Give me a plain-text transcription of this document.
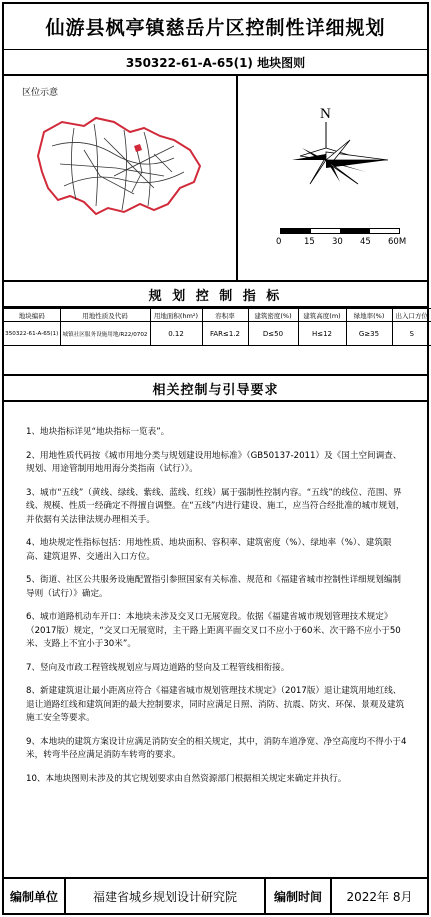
仙游县枫亭镇慈岳片区控制性详细规划
350322-61-A-65(1) 地块图则
区位示意
N
0	15	30	45	60M
规 划 控 制 指 标
地块编码	用地性质及代码	用地面积(hm²)	容积率	建筑密度(%)	建筑高度(m)	绿地率(%)	出入口方位
350322-61-A-65(1)	城镇社区服务设施用地/R22/0702	0.12	FAR≤1.2	D≤50	H≤12	G≥35	S
相关控制与引导要求

1、地块指标详见“地块指标一览表”。

2、用地性质代码按《城市用地分类与规划建设用地标准》（GB50137-2011）及《国土空间调查、规划、用途管制用地用海分类指南（试行）》。

3、城市“五线”（黄线、绿线、紫线、蓝线、红线）属于强制性控制内容。“五线”的线位、范围、界线、规模、性质一经确定不得擅自调整。在“五线”内进行建设、施工，应当符合经批准的城市规划，并依据有关法律法规办理相关手。

4、地块规定性指标包括：用地性质、地块面积、容积率、建筑密度（%）、绿地率（%）、建筑限高、建筑退界、交通出入口方位。

5、街道、社区公共服务设施配置指引参照国家有关标准、规范和《福建省城市控制性详细规划编制导则（试行）》确定。

6、城市道路机动车开口：本地块未涉及交叉口无展宽段。依据《福建省城市规划管理技术规定》（2017版）规定，“交叉口无展宽时，主干路上距离平面交叉口不应小于60米、次干路不应小于50米、支路上不宜小于30米”。

7、竖向及市政工程管线规划应与周边道路的竖向及工程管线相衔接。

8、新建建筑退让最小距离应符合《福建省城市规划管理技术规定》（2017版）退让建筑用地红线、退让道路红线和建筑间距的最大控制要求，同时应满足日照、消防、抗震、防灾、环保、景观及建筑施工安全等要求。

9、本地块的建筑方案设计应满足消防安全的相关规定，其中，消防车道净宽、净空高度均不得小于4米，转弯半径应满足消防车转弯的要求。

10、本地块图则未涉及的其它规划要求由自然资源部门根据相关规定来确定并执行。

编制单位	福建省城乡规划设计研究院	编制时间	2022年 8月
